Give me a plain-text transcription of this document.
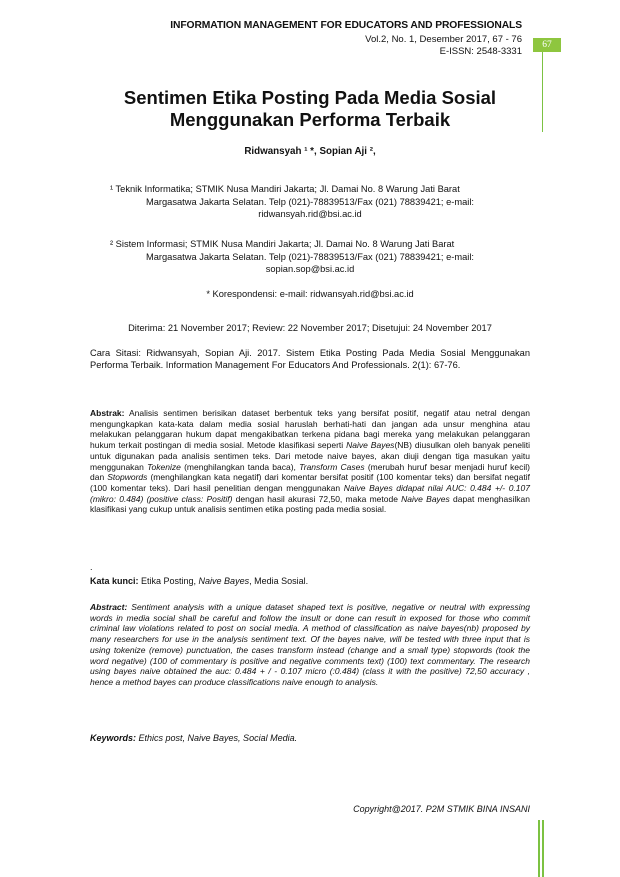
INFORMATION MANAGEMENT FOR EDUCATORS AND PROFESSIONALS
Vol.2, No. 1, Desember 2017, 67 - 76
E-ISSN: 2548-3331
67
Sentimen Etika Posting Pada Media Sosial
Menggunakan Performa Terbaik
Ridwansyah ¹ *, Sopian Aji ²,
¹ Teknik Informatika; STMIK Nusa Mandiri Jakarta; Jl. Damai No. 8 Warung Jati Barat
Margasatwa Jakarta Selatan. Telp (021)-78839513/Fax (021) 78839421; e-mail:
ridwansyah.rid@bsi.ac.id
² Sistem Informasi; STMIK Nusa Mandiri Jakarta; Jl. Damai No. 8 Warung Jati Barat
Margasatwa Jakarta Selatan. Telp (021)-78839513/Fax (021) 78839421; e-mail:
sopian.sop@bsi.ac.id
* Korespondensi: e-mail: ridwansyah.rid@bsi.ac.id
Diterima: 21 November 2017; Review: 22 November 2017; Disetujui: 24 November 2017
Cara Sitasi: Ridwansyah, Sopian Aji. 2017. Sistem Etika Posting Pada Media Sosial Menggunakan Performa Terbaik. Information Management For Educators And Professionals. 2(1): 67-76.
Abstrak: Analisis sentimen berisikan dataset berbentuk teks yang bersifat positif, negatif atau netral dengan mengungkapkan kata-kata dalam media sosial haruslah berhati-hati dan jangan ada unsur menghina atau melakukan pelanggaran hukum dapat mengakibatkan terkena pidana bagi mereka yang melakukan pelanggaran hukum terkait postingan di media sosial. Metode klasifikasi seperti Naive Bayes(NB) diusulkan oleh banyak peneliti untuk digunakan pada analisis sentimen teks. Dari metode naive bayes, akan diuji dengan tiga masukan yaitu menggunakan Tokenize (menghilangkan tanda baca), Transform Cases (merubah huruf besar menjadi huruf kecil) dan Stopwords (menghilangkan kata negatif) dari komentar bersifat positif (100 komentar teks) dan bersifat negatif (100 komentar teks). Dari hasil penelitian dengan menggunakan Naive Bayes didapat nilai AUC: 0.484 +/- 0.107 (mikro: 0.484) (positive class: Positif) dengan hasil akurasi 72,50, maka metode Naive Bayes dapat menghasilkan klasifikasi yang cukup untuk analisis sentimen etika posting pada media sosial.
.
Kata kunci: Etika Posting, Naive Bayes, Media Sosial.
Abstract: Sentiment analysis with a unique dataset shaped text is positive, negative or neutral with expressing words in media social shall be careful and follow the insult or done can result in exposed for those who commit criminal law violations related to post on social media. A method of classification as naive bayes(nb) proposed by many researchers for use in the analysis sentiment text. Of the bayes naive, will be tested with three input that is using tokenize (remove) punctuation, the cases transform instead (change and a small type) stopwords (took the word negative) (100 of commentary is positive and negative comments text) (100) text commentary. The research using bayes naive obtained the auc: 0.484 + / - 0.107 micro (:0.484) (class it with the positive) 72,50 accuracy , hence a method bayes can produce classifications naive enough to analysis.
Keywords: Ethics post, Naive Bayes, Social Media.
Copyright@2017. P2M STMIK BINA INSANI
